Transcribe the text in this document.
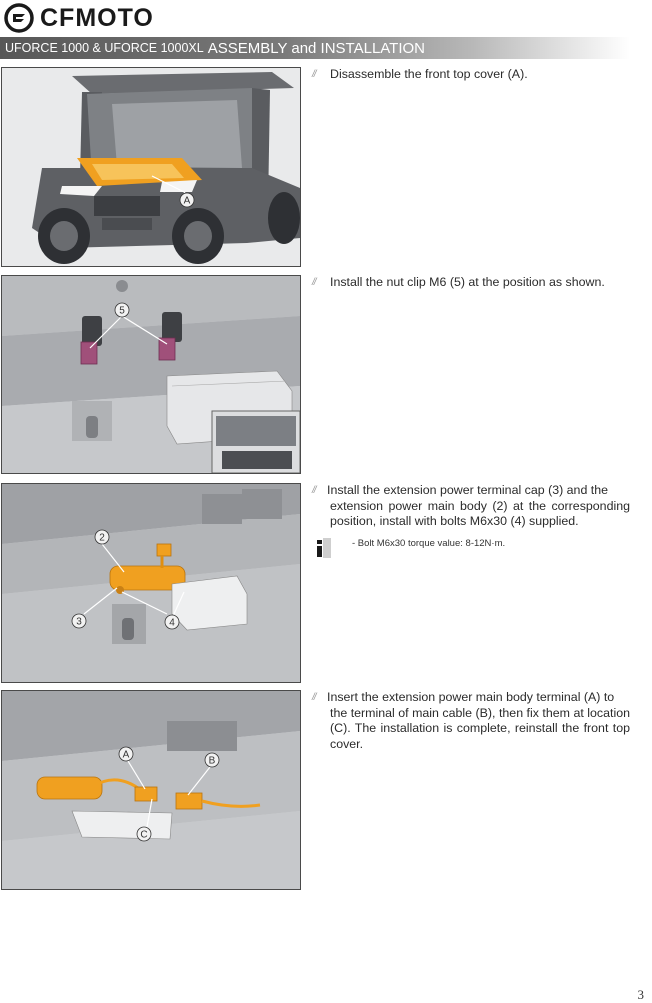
CFMOTO
UFORCE 1000 & UFORCE 1000XL ASSEMBLY and INSTALLATION
A
// Disassemble the front top cover (A).
5
// Install the nut clip M6 (5) at the position as shown.
2
3	4
// Install the extension power terminal cap (3) and the
extension power main body (2) at the corresponding position, install with bolts M6x30 (4) supplied.
- Bolt M6x30 torque value: 8-12N·m.
A
B
C
// Insert the extension power main body terminal (A) to
the terminal of main cable (B), then fix them at location (C). The installation is complete, reinstall the front top cover.
3
